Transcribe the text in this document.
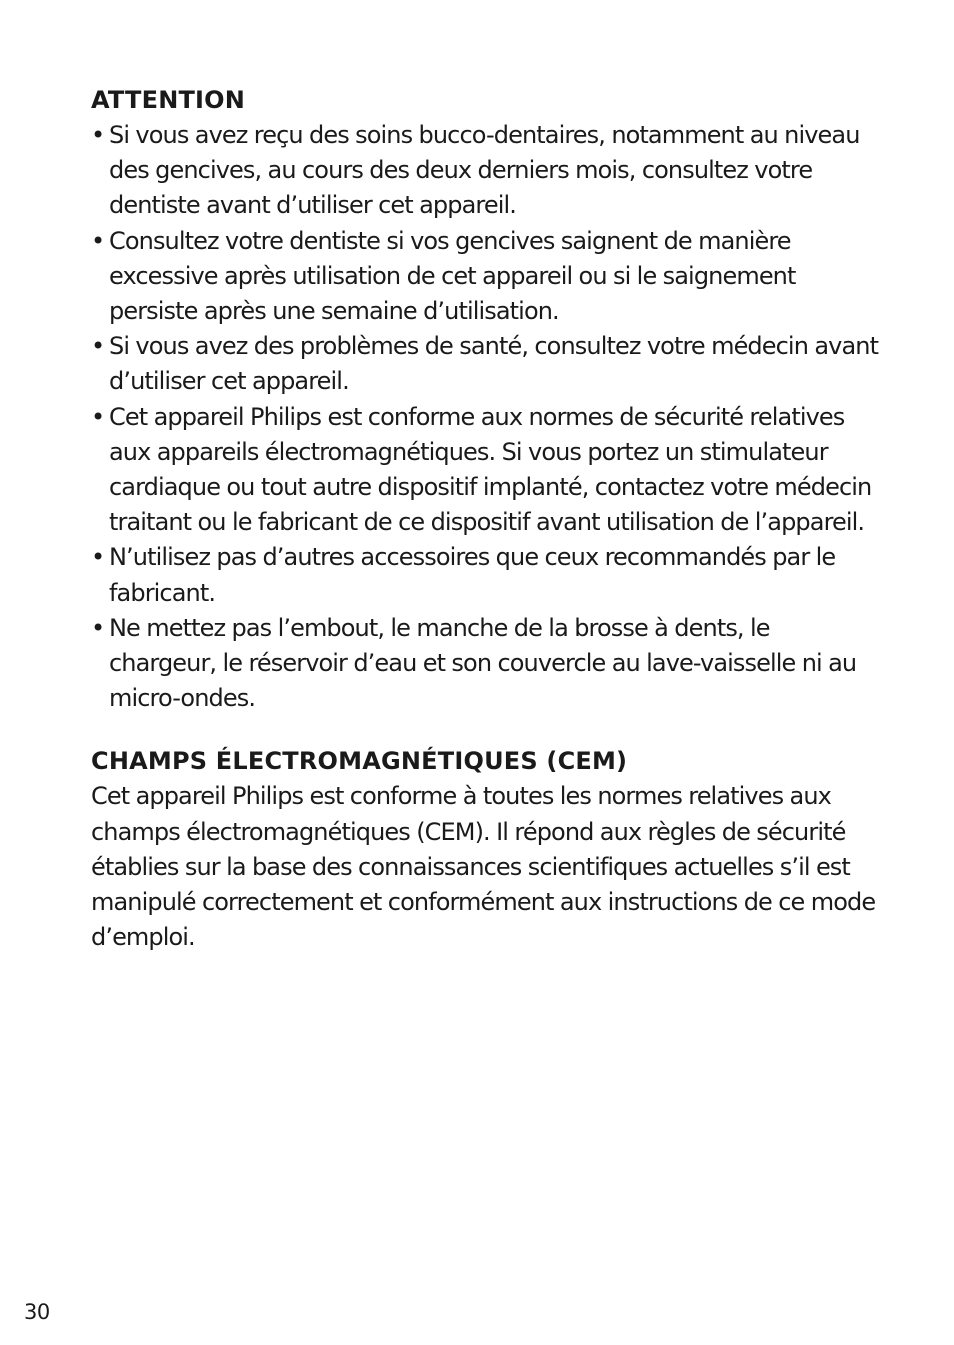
ATTENTION
• Si vous avez reçu des soins bucco-dentaires, notamment au niveau des gencives, au cours des deux derniers mois, consultez votre dentiste avant d’utiliser cet appareil.
• Consultez votre dentiste si vos gencives saignent de manière excessive après utilisation de cet appareil ou si le saignement persiste après une semaine d’utilisation.
• Si vous avez des problèmes de santé, consultez votre médecin avant d’utiliser cet appareil.
• Cet appareil Philips est conforme aux normes de sécurité relatives aux appareils électromagnétiques. Si vous portez un stimulateur cardiaque ou tout autre dispositif implanté, contactez votre médecin traitant ou le fabricant de ce dispositif avant utilisation de l’appareil.
• N’utilisez pas d’autres accessoires que ceux recommandés par le fabricant.
• Ne mettez pas l’embout, le manche de la brosse à dents, le chargeur, le réservoir d’eau et son couvercle au lave-vaisselle ni au micro-ondes.
CHAMPS ÉLECTROMAGNÉTIQUES (CEM)

Cet appareil Philips est conforme à toutes les normes relatives aux champs électromagnétiques (CEM). Il répond aux règles de sécurité établies sur la base des connaissances scientifiques actuelles s’il est manipulé correctement et conformément aux instructions de ce mode d’emploi.

30
